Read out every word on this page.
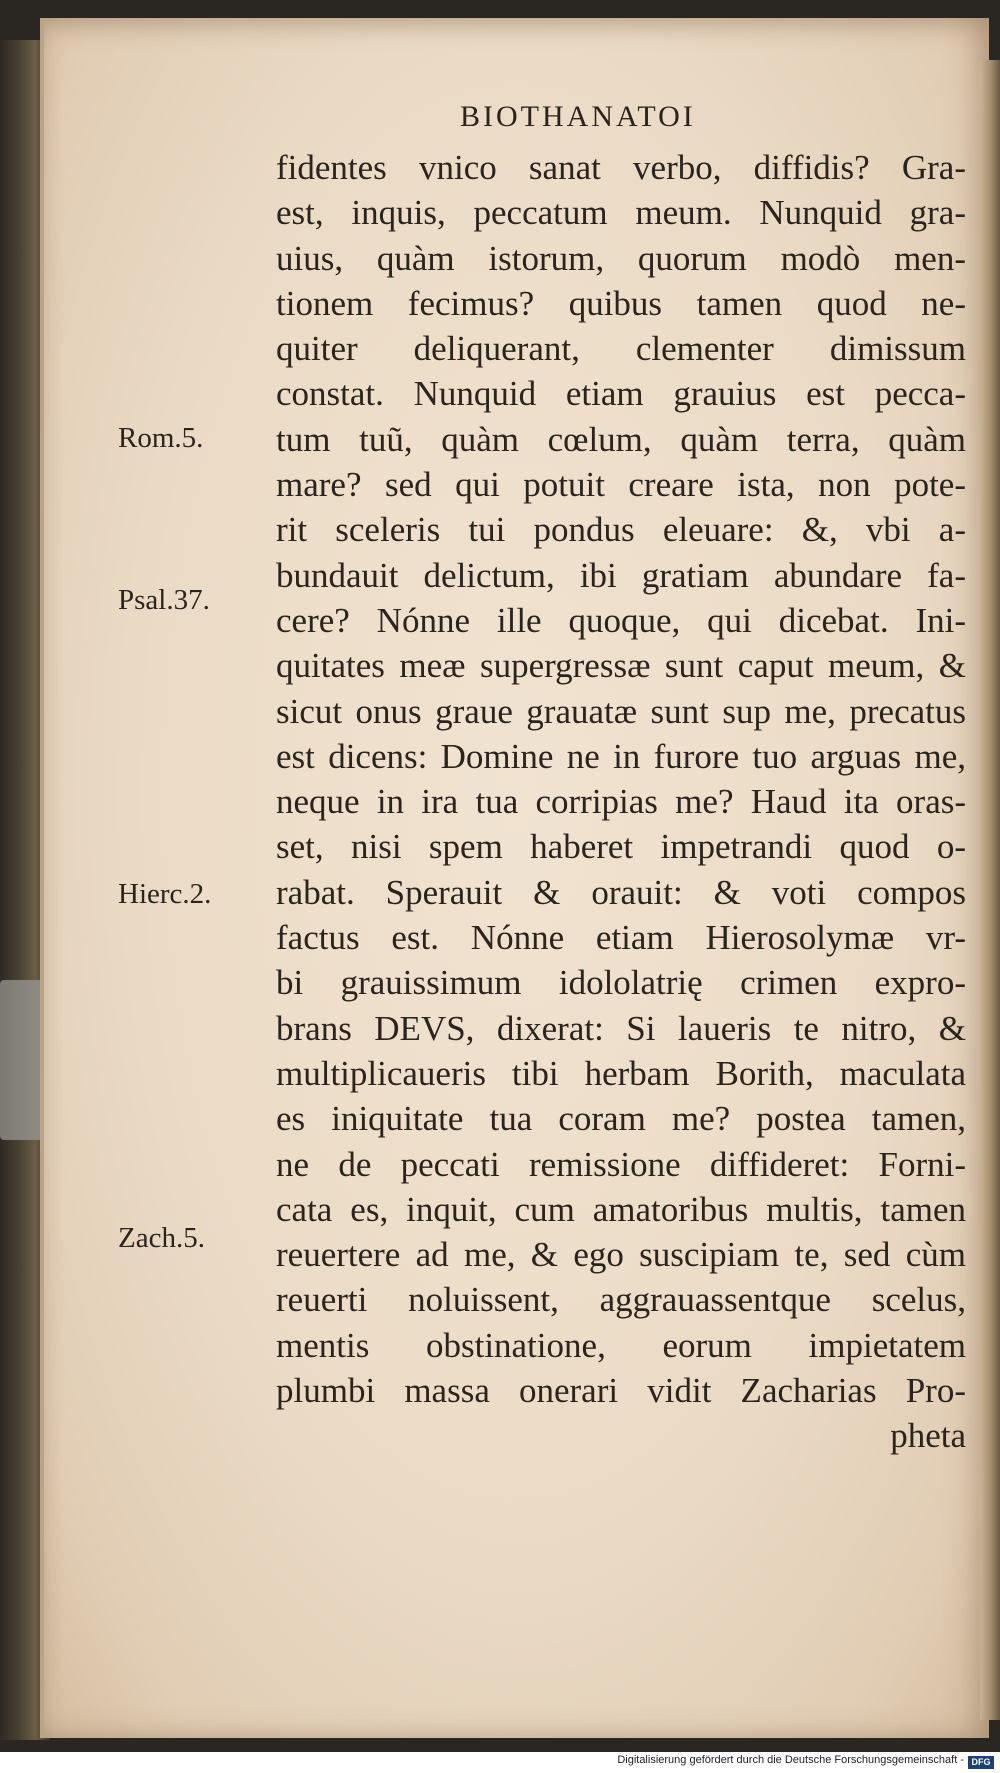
BIOTHANATOI
Rom.5.
Psal.37.
Hierc.2.
Zach.5.
fidentes vnico sanat verbo, diffidis? Gra-
est, inquis, peccatum meum. Nunquid gra-
uius, quàm istorum, quorum modò men-
tionem fecimus? quibus tamen quod ne-
quiter deliquerant, clementer dimissum
constat. Nunquid etiam grauius est pecca-
tum tuũ, quàm cœlum, quàm terra, quàm
mare? sed qui potuit creare ista, non pote-
rit sceleris tui pondus eleuare: &, vbi a-
bundauit delictum, ibi gratiam abundare fa-
cere? Nónne ille quoque, qui dicebat. Ini-
quitates meæ supergressæ sunt caput meum, &
sicut onus graue grauatæ sunt sup me, precatus
est dicens: Domine ne in furore tuo arguas me,
neque in ira tua corripias me? Haud ita oras-
set, nisi spem haberet impetrandi quod o-
rabat. Sperauit & orauit: & voti compos
factus est. Nónne etiam Hierosolymæ vr-
bi grauissimum idololatrię crimen expro-
brans DEVS, dixerat: Si laueris te nitro, &
multiplicaueris tibi herbam Borith, maculata
es iniquitate tua coram me? postea tamen,
ne de peccati remissione diffideret: Forni-
cata es, inquit, cum amatoribus multis, tamen
reuertere ad me, & ego suscipiam te, sed cùm
reuerti noluissent, aggrauassentque scelus,
mentis obstinatione, eorum impietatem
plumbi massa onerari vidit Zacharias Pro-
pheta
Digitalisierung gefördert durch die Deutsche Forschungsgemeinschaft - DFG
